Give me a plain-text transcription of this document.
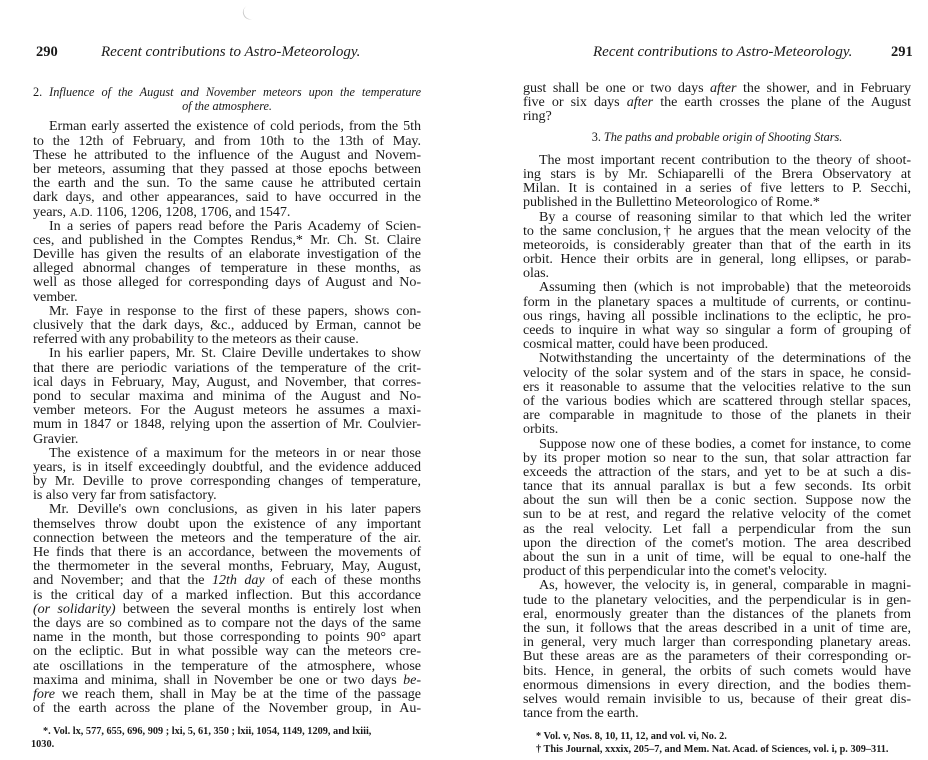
290	Recent contributions to Astro-Meteorology.
2. Influence of the August and November meteors upon the temperature
of the atmosphere.
Erman early asserted the existence of cold periods, from the 5th
to the 12th of February, and from 10th to the 13th of May.
These he attributed to the influence of the August and Novem-
ber meteors, assuming that they passed at those epochs between
the earth and the sun. To the same cause he attributed certain
dark days, and other appearances, said to have occurred in the
years, A.D. 1106, 1206, 1208, 1706, and 1547.
In a series of papers read before the Paris Academy of Scien-
ces, and published in the Comptes Rendus,* Mr. Ch. St. Claire
Deville has given the results of an elaborate investigation of the
alleged abnormal changes of temperature in these months, as
well as those alleged for corresponding days of August and No-
vember.
Mr. Faye in response to the first of these papers, shows con-
clusively that the dark days, &c., adduced by Erman, cannot be
referred with any probability to the meteors as their cause.
In his earlier papers, Mr. St. Claire Deville undertakes to show
that there are periodic variations of the temperature of the crit-
ical days in February, May, August, and November, that corres-
pond to secular maxima and minima of the August and No-
vember meteors. For the August meteors he assumes a maxi-
mum in 1847 or 1848, relying upon the assertion of Mr. Coulvier-
Gravier.
The existence of a maximum for the meteors in or near those
years, is in itself exceedingly doubtful, and the evidence adduced
by Mr. Deville to prove corresponding changes of temperature,
is also very far from satisfactory.
Mr. Deville's own conclusions, as given in his later papers
themselves throw doubt upon the existence of any important
connection between the meteors and the temperature of the air.
He finds that there is an accordance, between the movements of
the thermometer in the several months, February, May, August,
and November; and that the 12th day of each of these months
is the critical day of a marked inflection. But this accordance
(or solidarity) between the several months is entirely lost when
the days are so combined as to compare not the days of the same
name in the month, but those corresponding to points 90° apart
on the ecliptic. But in what possible way can the meteors cre-
ate oscillations in the temperature of the atmosphere, whose
maxima and minima, shall in November be one or two days be-
fore we reach them, shall in May be at the time of the passage
of the earth across the plane of the November group, in Au-
*. Vol. lx, 577, 655, 696, 909 ; lxi, 5, 61, 350 ; lxii, 1054, 1149, 1209, and lxiii,
1030.
Recent contributions to Astro-Meteorology.	291
gust shall be one or two days after the shower, and in February
five or six days after the earth crosses the plane of the August
ring?
3. The paths and probable origin of Shooting Stars.
The most important recent contribution to the theory of shoot-
ing stars is by Mr. Schiaparelli of the Brera Observatory at
Milan. It is contained in a series of five letters to P. Secchi,
published in the Bullettino Meteorologico of Rome.*
By a course of reasoning similar to that which led the writer
to the same conclusion,† he argues that the mean velocity of the
meteoroids, is considerably greater than that of the earth in its
orbit. Hence their orbits are in general, long ellipses, or parab-
olas.
Assuming then (which is not improbable) that the meteoroids
form in the planetary spaces a multitude of currents, or continu-
ous rings, having all possible inclinations to the ecliptic, he pro-
ceeds to inquire in what way so singular a form of grouping of
cosmical matter, could have been produced.
Notwithstanding the uncertainty of the determinations of the
velocity of the solar system and of the stars in space, he consid-
ers it reasonable to assume that the velocities relative to the sun
of the various bodies which are scattered through stellar spaces,
are comparable in magnitude to those of the planets in their
orbits.
Suppose now one of these bodies, a comet for instance, to come
by its proper motion so near to the sun, that solar attraction far
exceeds the attraction of the stars, and yet to be at such a dis-
tance that its annual parallax is but a few seconds. Its orbit
about the sun will then be a conic section. Suppose now the
sun to be at rest, and regard the relative velocity of the comet
as the real velocity. Let fall a perpendicular from the sun
upon the direction of the comet's motion. The area described
about the sun in a unit of time, will be equal to one-half the
product of this perpendicular into the comet's velocity.
As, however, the velocity is, in general, comparable in magni-
tude to the planetary velocities, and the perpendicular is in gen-
eral, enormously greater than the distances of the planets from
the sun, it follows that the areas described in a unit of time are,
in general, very much larger than corresponding planetary areas.
But these areas are as the parameters of their corresponding or-
bits. Hence, in general, the orbits of such comets would have
enormous dimensions in every direction, and the bodies them-
selves would remain invisible to us, because of their great dis-
tance from the earth.
* Vol. v, Nos. 8, 10, 11, 12, and vol. vi, No. 2.
† This Journal, xxxix, 205–7, and Mem. Nat. Acad. of Sciences, vol. i, p. 309–311.
